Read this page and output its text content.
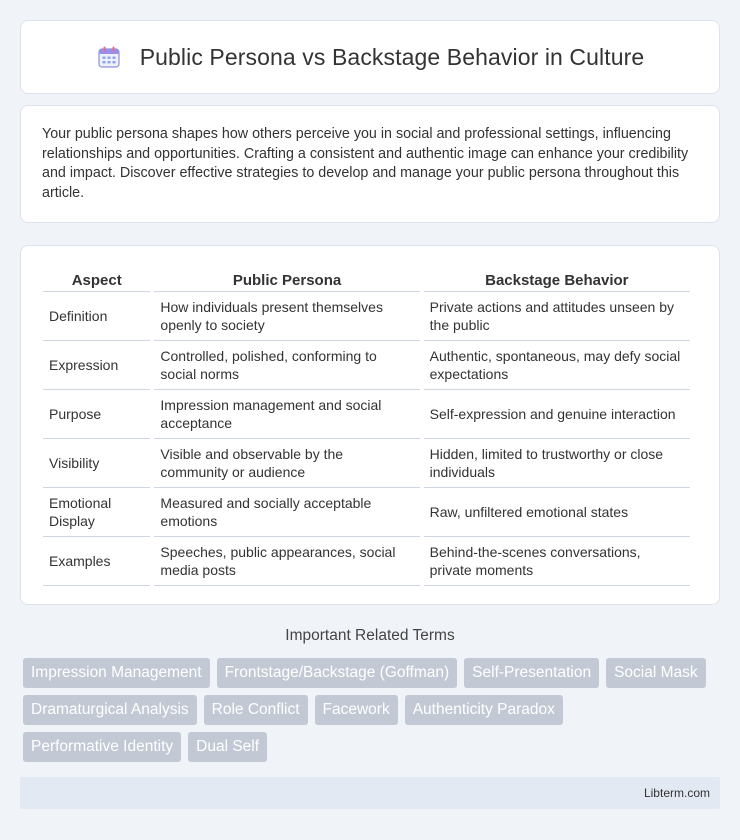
Public Persona vs Backstage Behavior in Culture

Your public persona shapes how others perceive you in social and professional settings, influencing relationships and opportunities. Crafting a consistent and authentic image can enhance your credibility and impact. Discover effective strategies to develop and manage your public persona throughout this article.

Aspect	Public Persona	Backstage Behavior
Definition	How individuals present themselves openly to society	Private actions and attitudes unseen by the public
Expression	Controlled, polished, conforming to social norms	Authentic, spontaneous, may defy social expectations
Purpose	Impression management and social acceptance	Self-expression and genuine interaction
Visibility	Visible and observable by the community or audience	Hidden, limited to trustworthy or close individuals
Emotional Display	Measured and socially acceptable emotions	Raw, unfiltered emotional states
Examples	Speeches, public appearances, social media posts	Behind-the-scenes conversations, private moments
Important Related Terms
Impression Management	Frontstage/Backstage (Goffman)	Self-Presentation	Social Mask
Dramaturgical Analysis	Role Conflict	Facework	Authenticity Paradox
Performative Identity	Dual Self
Libterm.com
